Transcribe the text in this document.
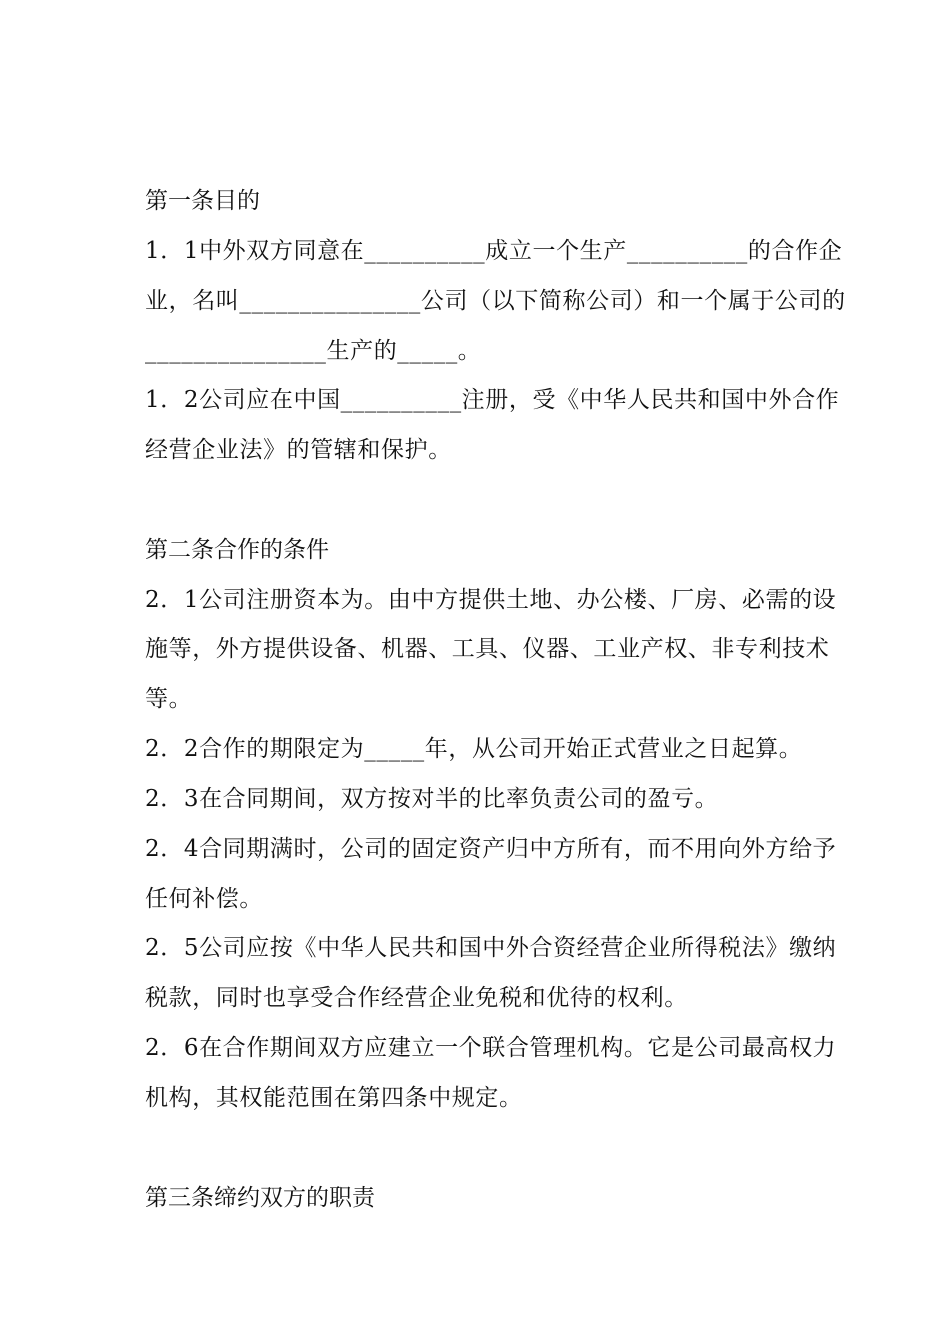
第一条目的
1．1中外双方同意在__________成立一个生产__________的合作企
业，名叫_______________公司（以下简称公司）和一个属于公司的
_______________生产的_____。
1．2公司应在中国__________注册，受《中华人民共和国中外合作
经营企业法》的管辖和保护。
第二条合作的条件
2．1公司注册资本为。由中方提供土地、办公楼、厂房、必需的设
施等，外方提供设备、机器、工具、仪器、工业产权、非专利技术
等。
2．2合作的期限定为_____年，从公司开始正式营业之日起算。
2．3在合同期间，双方按对半的比率负责公司的盈亏。
2．4合同期满时，公司的固定资产归中方所有，而不用向外方给予
任何补偿。
2．5公司应按《中华人民共和国中外合资经营企业所得税法》缴纳
税款，同时也享受合作经营企业免税和优待的权利。
2．6在合作期间双方应建立一个联合管理机构。它是公司最高权力
机构，其权能范围在第四条中规定。
第三条缔约双方的职责
